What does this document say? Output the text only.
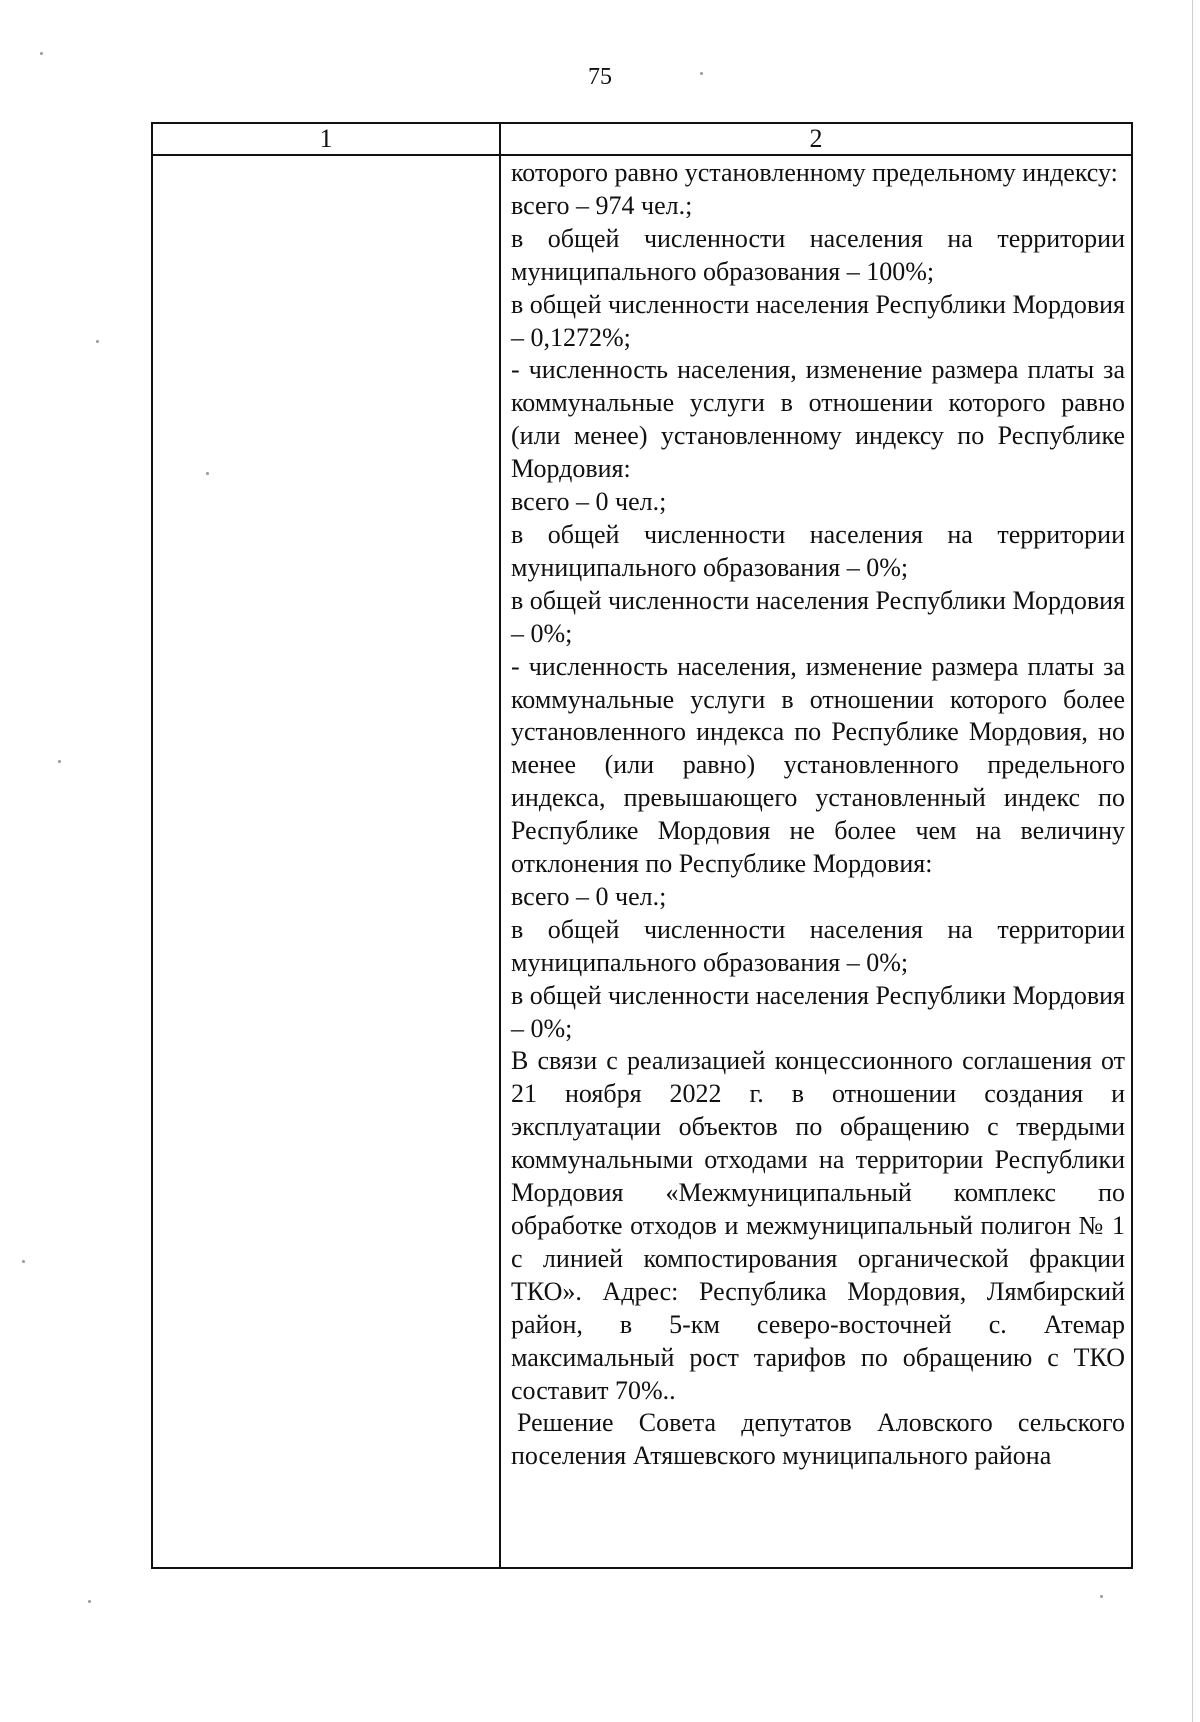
75
1	2

которого равно установленному предельному индексу:

всего – 974 чел.;

в общей численности населения на территории муниципального образования – 100%;

в общей численности населения Республики Мордовия – 0,1272%;

- численность населения, изменение размера платы за коммунальные услуги в отношении которого равно (или менее) установленному индексу по Республике Мордовия:

всего – 0 чел.;

в общей численности населения на территории муниципального образования – 0%;

в общей численности населения Республики Мордовия – 0%;

- численность населения, изменение размера платы за коммунальные услуги в отношении которого более установленного индекса по Республике Мордовия, но менее (или равно) установленного предельного индекса, превышающего установленный индекс по Республике Мордовия не более чем на величину отклонения по Республике Мордовия:

всего – 0 чел.;

в общей численности населения на территории муниципального образования – 0%;

в общей численности населения Республики Мордовия – 0%;

В связи с реализацией концессионного соглашения от 21 ноября 2022 г. в отношении создания и эксплуатации объектов по обращению с твердыми коммунальными отходами на территории Республики Мордовия «Межмуниципальный комплекс по обработке отходов и межмуниципальный полигон № 1 с линией компостирования органической фракции ТКО». Адрес: Республика Мордовия, Лямбирский район, в 5-км северо-восточней с. Атемар максимальный рост тарифов по обращению с ТКО составит 70%..

Решение Совета депутатов Аловского сельского поселения Атяшевского муниципального района
